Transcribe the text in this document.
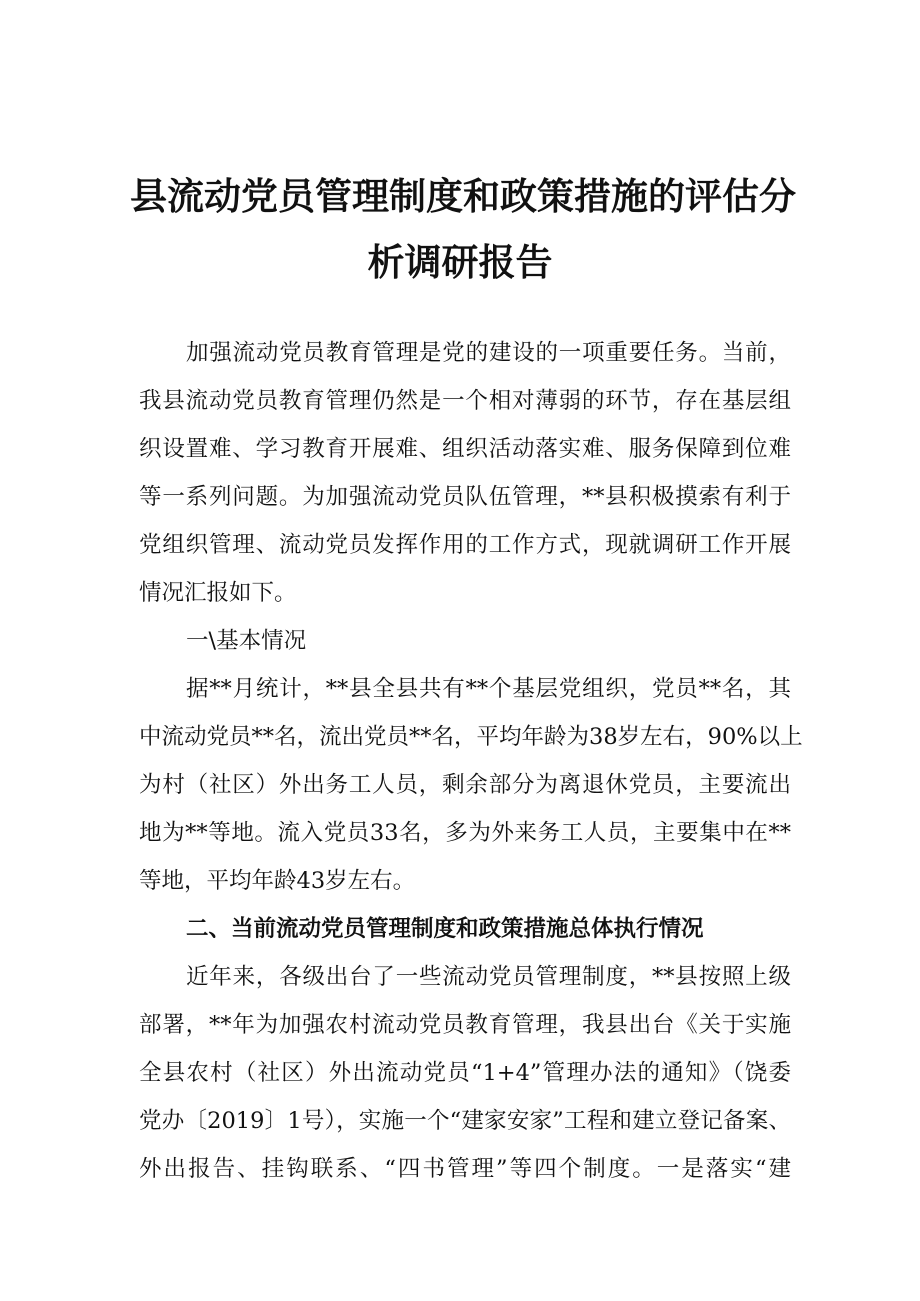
县流动党员管理制度和政策措施的评估分
析调研报告
加强流动党员教育管理是党的建设的一项重要任务。当前，
我县流动党员教育管理仍然是一个相对薄弱的环节，存在基层组
织设置难、学习教育开展难、组织活动落实难、服务保障到位难
等一系列问题。为加强流动党员队伍管理，**县积极摸索有利于
党组织管理、流动党员发挥作用的工作方式，现就调研工作开展
情况汇报如下。
一\基本情况
据**月统计，**县全县共有**个基层党组织，党员**名，其
中流动党员**名，流出党员**名，平均年龄为38岁左右，90%以上
为村（社区）外出务工人员，剩余部分为离退休党员，主要流出
地为**等地。流入党员33名，多为外来务工人员，主要集中在**
等地，平均年龄43岁左右。
二、当前流动党员管理制度和政策措施总体执行情况
近年来，各级出台了一些流动党员管理制度，**县按照上级
部署，**年为加强农村流动党员教育管理，我县出台《关于实施
全县农村（社区）外出流动党员“1+4”管理办法的通知》（饶委
党办〔2019〕1号），实施一个“建家安家”工程和建立登记备案、
外出报告、挂钩联系、“四书管理”等四个制度。一是落实“建
